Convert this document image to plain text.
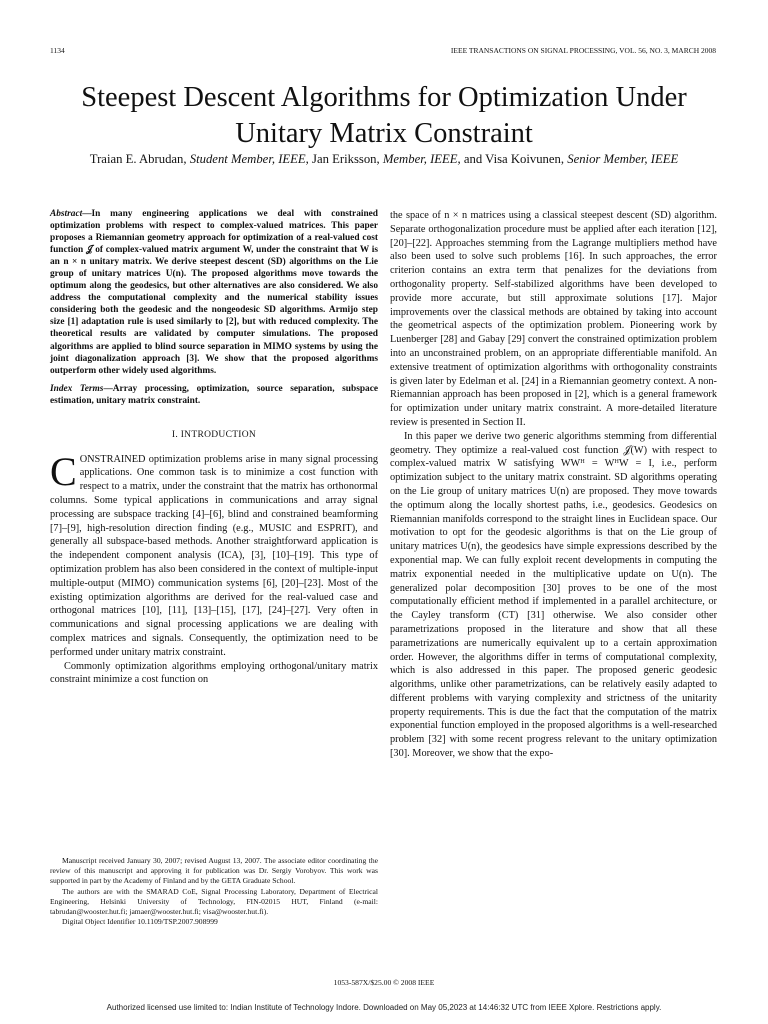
1134	IEEE TRANSACTIONS ON SIGNAL PROCESSING, VOL. 56, NO. 3, MARCH 2008
Steepest Descent Algorithms for Optimization Under
Unitary Matrix Constraint
Traian E. Abrudan, Student Member, IEEE, Jan Eriksson, Member, IEEE, and Visa Koivunen, Senior Member, IEEE
Abstract—In many engineering applications we deal with constrained optimization problems with respect to complex-valued matrices. This paper proposes a Riemannian geometry approach for optimization of a real-valued cost function 𝒥 of complex-valued matrix argument W, under the constraint that W is an n × n unitary matrix. We derive steepest descent (SD) algorithms on the Lie group of unitary matrices U(n). The proposed algorithms move towards the optimum along the geodesics, but other alternatives are also considered. We also address the computational complexity and the numerical stability issues considering both the geodesic and the nongeodesic SD algorithms. Armijo step size [1] adaptation rule is used similarly to [2], but with reduced complexity. The theoretical results are validated by computer simulations. The proposed algorithms are applied to blind source separation in MIMO systems by using the joint diagonalization approach [3]. We show that the proposed algorithms outperform other widely used algorithms.
Index Terms—Array processing, optimization, source separation, subspace estimation, unitary matrix constraint.
I. INTRODUCTION

CONSTRAINED optimization problems arise in many signal processing applications. One common task is to minimize a cost function with respect to a matrix, under the constraint that the matrix has orthonormal columns. Some typical applications in communications and array signal processing are subspace tracking [4]–[6], blind and constrained beamforming [7]–[9], high-resolution direction finding (e.g., MUSIC and ESPRIT), and generally all subspace-based methods. Another straightforward application is the independent component analysis (ICA), [3], [10]–[19]. This type of optimization problem has also been considered in the context of multiple-input multiple-output (MIMO) communication systems [6], [20]–[23]. Most of the existing optimization algorithms are derived for the real-valued case and orthogonal matrices [10], [11], [13]–[15], [17], [24]–[27]. Very often in communications and signal processing applications we are dealing with complex matrices and signals. Consequently, the optimization need to be performed under unitary matrix constraint.

Commonly optimization algorithms employing orthogonal/unitary matrix constraint minimize a cost function on

Manuscript received January 30, 2007; revised August 13, 2007. The associate editor coordinating the review of this manuscript and approving it for publication was Dr. Sergiy Vorobyov. This work was supported in part by the Academy of Finland and by the GETA Graduate School.

The authors are with the SMARAD CoE, Signal Processing Laboratory, Department of Electrical Engineering, Helsinki University of Technology, FIN-02015 HUT, Finland (e-mail: tabrudan@wooster.hut.fi; jamaer@wooster.hut.fi; visa@wooster.hut.fi).

Digital Object Identifier 10.1109/TSP.2007.908999

the space of n × n matrices using a classical steepest descent (SD) algorithm. Separate orthogonalization procedure must be applied after each iteration [12], [20]–[22]. Approaches stemming from the Lagrange multipliers method have also been used to solve such problems [16]. In such approaches, the error criterion contains an extra term that penalizes for the deviations from orthogonality property. Self-stabilized algorithms have been developed to provide more accurate, but still approximate solutions [17]. Major improvements over the classical methods are obtained by taking into account the geometrical aspects of the optimization problem. Pioneering work by Luenberger [28] and Gabay [29] convert the constrained optimization problem into an unconstrained problem, on an appropriate differentiable manifold. An extensive treatment of optimization algorithms with orthogonality constraints is given later by Edelman et al. [24] in a Riemannian geometry context. A non-Riemannian approach has been proposed in [2], which is a general framework for optimization under unitary matrix constraint. A more-detailed literature review is presented in Section II.

In this paper we derive two generic algorithms stemming from differential geometry. They optimize a real-valued cost function 𝒥(W) with respect to complex-valued matrix W satisfying WWᴴ = WᴴW = I, i.e., perform optimization subject to the unitary matrix constraint. SD algorithms operating on the Lie group of unitary matrices U(n) are proposed. They move towards the optimum along the locally shortest paths, i.e., geodesics. Geodesics on Riemannian manifolds correspond to the straight lines in Euclidean space. Our motivation to opt for the geodesic algorithms is that on the Lie group of unitary matrices U(n), the geodesics have simple expressions described by the exponential map. We can fully exploit recent developments in computing the matrix exponential needed in the multiplicative update on U(n). The generalized polar decomposition [30] proves to be one of the most computationally efficient method if implemented in a parallel architecture, or the Cayley transform (CT) [31] otherwise. We also consider other parametrizations proposed in the literature and show that all these parametrizations are numerically equivalent up to a certain approximation order. However, the algorithms differ in terms of computational complexity, which is also addressed in this paper. The proposed generic geodesic algorithms, unlike other parametrizations, can be relatively easily adapted to different problems with varying complexity and strictness of the unitarity property requirements. This is due the fact that the computation of the matrix exponential function employed in the proposed algorithms is a well-researched problem [32] with some recent progress relevant to the unitary optimization [30]. Moreover, we show that the expo-

1053-587X/$25.00 © 2008 IEEE
Authorized licensed use limited to: Indian Institute of Technology Indore. Downloaded on May 05,2023 at 14:46:32 UTC from IEEE Xplore. Restrictions apply.
